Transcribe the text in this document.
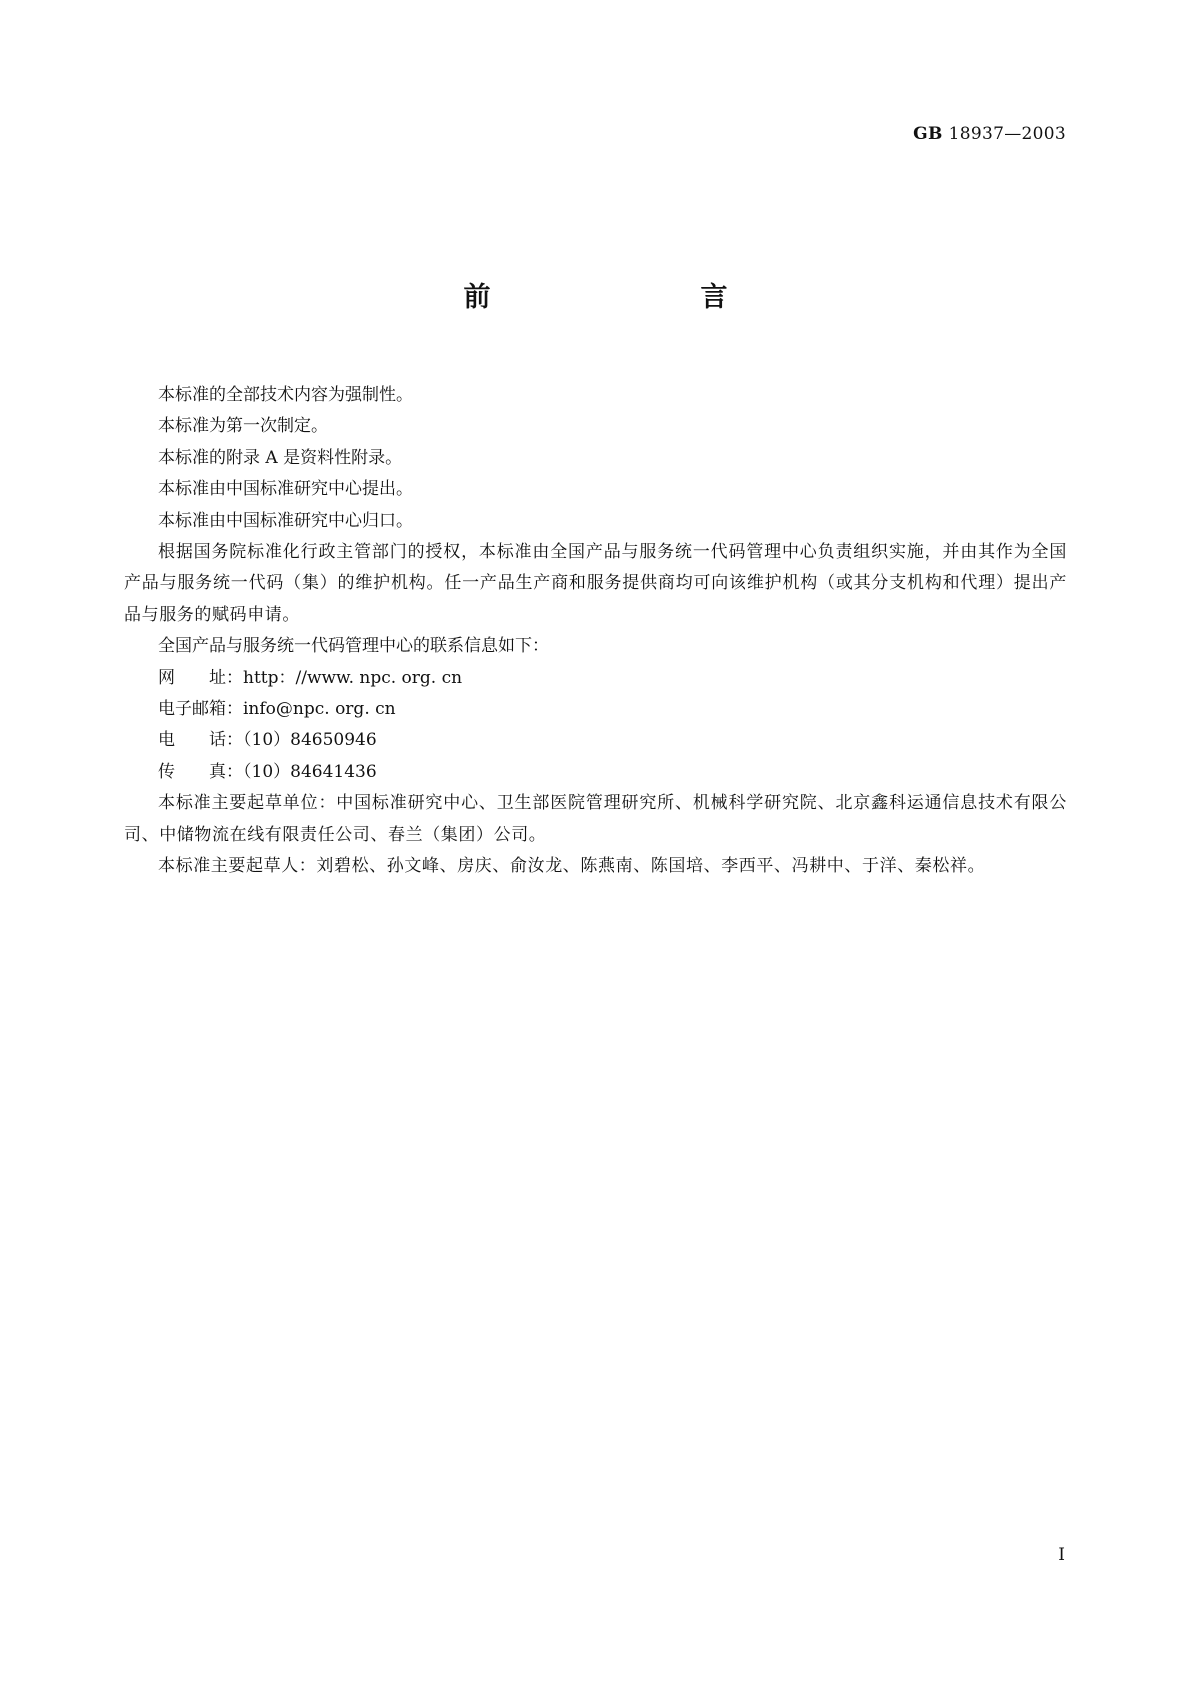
GB 18937—2003
前　　言

本标准的全部技术内容为强制性。

本标准为第一次制定。

本标准的附录 A 是资料性附录。

本标准由中国标准研究中心提出。

本标准由中国标准研究中心归口。

根据国务院标准化行政主管部门的授权，本标准由全国产品与服务统一代码管理中心负责组织实施，并由其作为全国产品与服务统一代码（集）的维护机构。任一产品生产商和服务提供商均可向该维护机构（或其分支机构和代理）提出产品与服务的赋码申请。

全国产品与服务统一代码管理中心的联系信息如下：

网址：http：//www. npc. org. cn
电子邮箱：info@npc. org. cn
电话：（10）84650946
传真：（10）84641436

本标准主要起草单位：中国标准研究中心、卫生部医院管理研究所、机械科学研究院、北京鑫科运通信息技术有限公司、中储物流在线有限责任公司、春兰（集团）公司。

本标准主要起草人：刘碧松、孙文峰、房庆、俞汝龙、陈燕南、陈国培、李西平、冯耕中、于洋、秦松祥。

I
